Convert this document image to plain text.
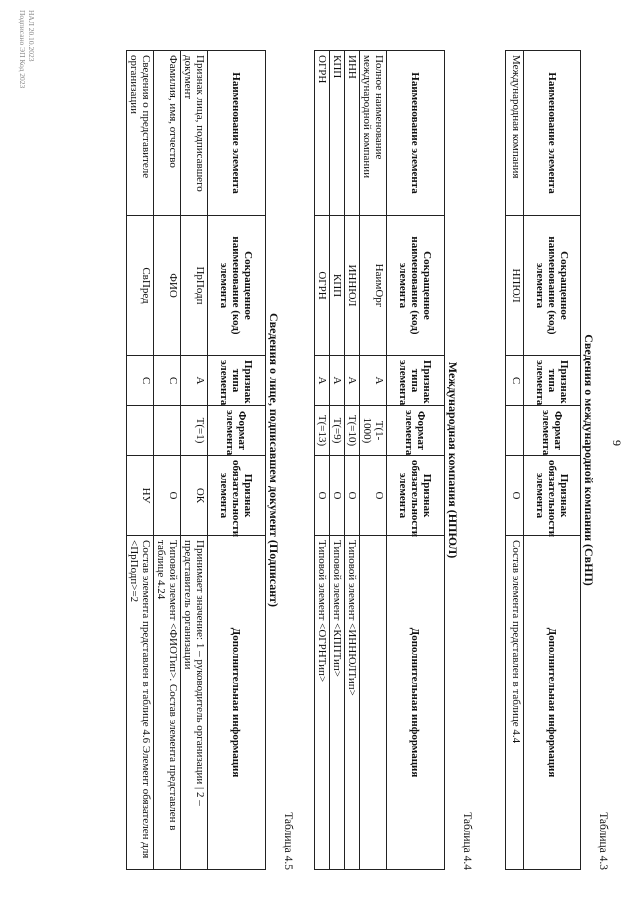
9

Таблица 4.3

Сведения о международной компании (СвНП)

Наименование элемента	Сокращенное наименование (код) элемента	Признак типа элемента	Формат элемента	Признак обязательности элемента	Дополнительная информация
Международная компания	НПЮЛ	С		О	Состав элемента представлен в таблице 4.4

Таблица 4.4

Международная компания (НПЮЛ)

Наименование элемента	Сокращенное наименование (код) элемента	Признак типа элемента	Формат элемента	Признак обязательности элемента	Дополнительная информация
Полное наименование международной компании	НаимОрг	А	Т(1-1000)	О	
ИНН	ИННЮЛ	А	Т(=10)	О	Типовой элемент <ИННЮЛТип>
КПП	КПП	А	Т(=9)	О	Типовой элемент <КППТип>
ОГРН	ОГРН	А	Т(=13)	О	Типовой элемент <ОГРНТип>

Таблица 4.5

Сведения о лице, подписавшем документ (Подписант)

Наименование элемента	Сокращенное наименование (код) элемента	Признак типа элемента	Формат элемента	Признак обязательности элемента	Дополнительная информация
Признак лица, подписавшего документ	ПрПодп	А	Т(=1)	ОК	Принимает значение: 1 – руководитель организации | 2 – представитель организации
Фамилия, имя, отчество	ФИО	С		О	Типовой элемент <ФИОТип>. Состав элемента представлен в таблице 4.24
Сведения о представителе организации	СвПред	С		НУ	Состав элемента представлен в таблице 4.6 Элемент обязателен для <ПрПодп>=2
НАЛ 20.10.2023
Подписано ЭП Код 2023
